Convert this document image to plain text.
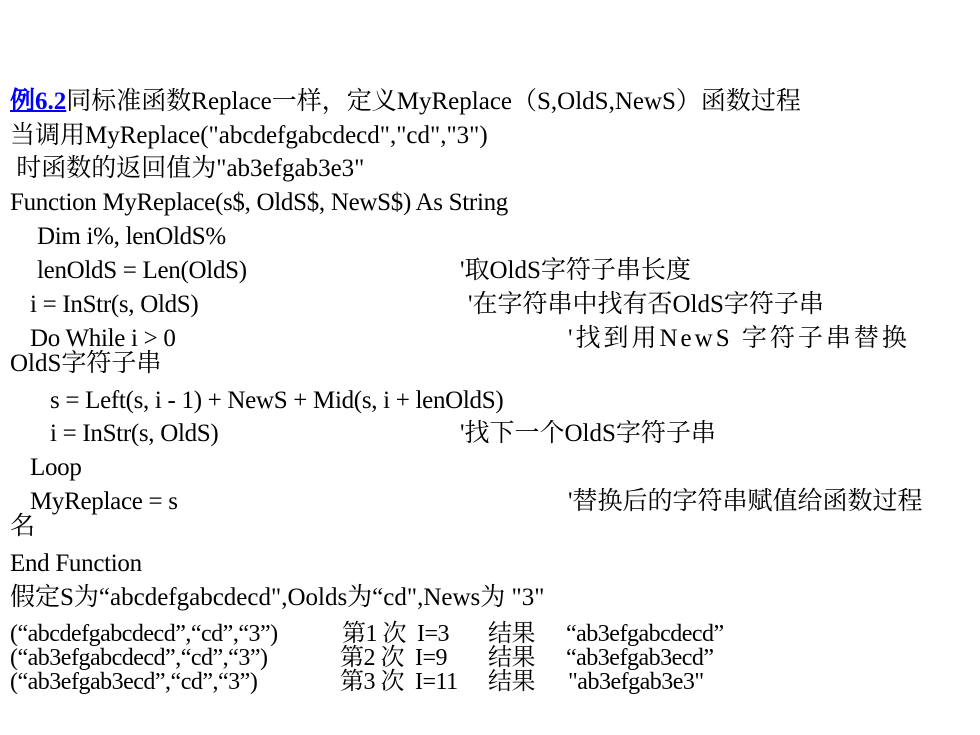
例6.2同标准函数Replace一样，定义MyReplace（S,OldS,NewS）函数过程
当调用MyReplace("abcdefgabcdecd","cd","3")
时函数的返回值为"ab3efgab3e3"
Function MyReplace(s$, OldS$, NewS$) As String
Dim i%, lenOldS%
lenOldS = Len(OldS)	'取OldS字符子串长度
i = InStr(s, OldS)	'在字符串中找有否OldS字符子串
Do While i > 0	'找到用NewS 字符子串替换
OldS字符子串
s = Left(s, i - 1) + NewS + Mid(s, i + lenOldS)
i = InStr(s, OldS)	'找下一个OldS字符子串
Loop
MyReplace = s	'替换后的字符串赋值给函数过程
名
End Function
假定S为“abcdefgabcdecd",Oolds为“cd",News为 "3"
(“abcdefgabcdecd”,“cd”,“3”)	第1 次  I=3 结果 “ab3efgabcdecd”
(“ab3efgabcdecd”,“cd”,“3”)	第2 次  I=9 结果 “ab3efgab3ecd”
(“ab3efgab3ecd”,“cd”,“3”)	第3 次  I=11 结果 "ab3efgab3e3"
